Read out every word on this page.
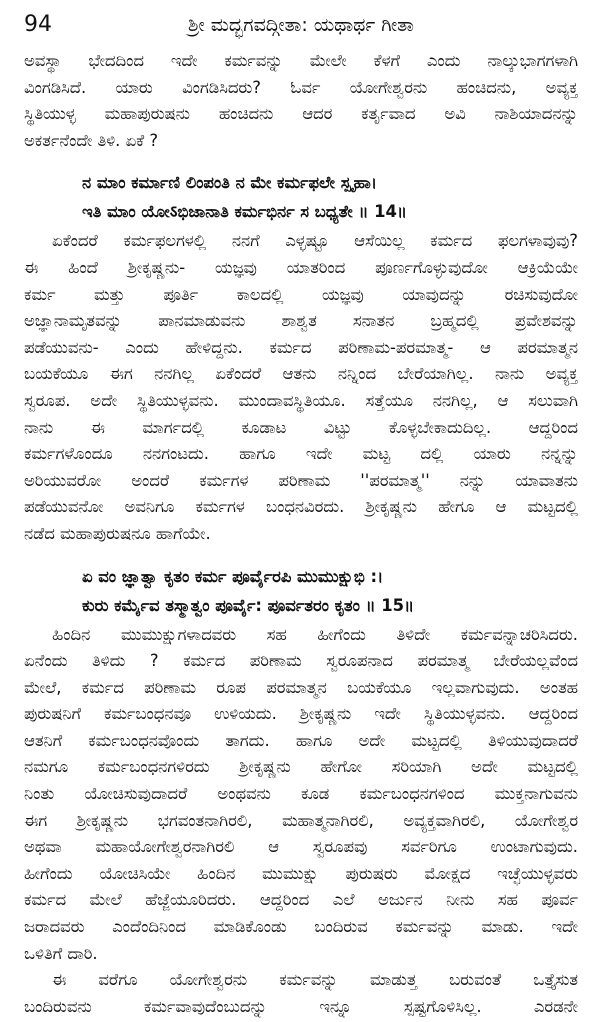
94	ಶ್ರೀ ಮದ್ಭಗವದ್ಗೀತಾ: ಯಥಾರ್ಥ ಗೀತಾ

ಅವಸ್ಥಾ ಭೇದದಿಂದ ಇದೇ ಕರ್ಮವನ್ನು ಮೇಲೇ ಕೆಳಗೆ ಎಂದು ನಾಲ್ಕುಭಾಗಗಳಾಗಿ
ವಿಂಗಡಿಸಿದೆ. ಯಾರು ವಿಂಗಡಿಸಿದರು? ಓರ್ವ ಯೋಗೇಶ್ವರನು ಹಂಚಿದನು, ಅವ್ಯಕ್ತ
ಸ್ಥಿತಿಯುಳ್ಳ ಮಹಾಪುರುಷನು ಹಂಚಿದನು ಆದರ ಕರ್ತೃವಾದ ಅವಿ ನಾಶಿಯಾದನನ್ನು
ಅಕರ್ತನೆಂದೇ ತಿಳಿ. ಏಕೆ ?

ನ ಮಾಂ ಕರ್ಮಾಣಿ ಲಿಂಪಂತಿ ನ ಮೇ ಕರ್ಮಫಲೇ ಸ್ಪೃಹಾ।
ಇತಿ ಮಾಂ ಯೋऽಭಿಜಾನಾತಿ ಕರ್ಮಭಿರ್ನ ಸ ಬಧ್ಯತೇ ॥ 14॥

ಏಕೆಂದರೆ ಕರ್ಮಫಲಗಳಲ್ಲಿ ನನಗೆ ಎಳ್ಳಷ್ಟೂ ಆಸೆಯಿಲ್ಲ ಕರ್ಮದ ಫಲಗಳಾವುವು?
ಈ ಹಿಂದೆ ಶ್ರೀಕೃಷ್ಣನು- ಯಜ್ಞವು ಯಾತರಿಂದ ಪೂರ್ಣಗೊಳ್ಳುವುದೋ ಆಕ್ರಿಯೆಯೇ
ಕರ್ಮ ಮತ್ತು ಪೂರ್ತಿ ಕಾಲದಲ್ಲಿ ಯಜ್ಞವು ಯಾವುದನ್ನು ರಚಿಸುವುದೋ
ಅಜ್ಞಾನಾಮೃತವನ್ನು ಪಾನಮಾಡುವನು ಶಾಶ್ವತ ಸನಾತನ ಬ್ರಹ್ಮದಲ್ಲಿ ಪ್ರವೇಶವನ್ನು
ಪಡೆಯುವನು- ಎಂದು ಹೇಳಿದ್ದನು. ಕರ್ಮದ ಪರಿಣಾಮ-ಪರಮಾತ್ಮ- ಆ ಪರಮಾತ್ಮನ
ಬಯಕೆಯೂ ಈಗ ನನಗಿಲ್ಲ ಏಕೆಂದರೆ ಆತನು ನನ್ನಿಂದ ಬೇರೆಯಾಗಿಲ್ಲ. ನಾನು ಅವ್ಯಕ್ತ
ಸ್ವರೂಪ. ಅದೇ ಸ್ಥಿತಿಯುಳ್ಳವನು. ಮುಂದಾವಸ್ಥಿತಿಯೂ. ಸತ್ತೆಯೂ ನನಗಿಲ್ಲ, ಆ ಸಲುವಾಗಿ
ನಾನು ಈ ಮಾರ್ಗದಲ್ಲಿ ಕೂಡಾಟ ವಿಟ್ಟು ಕೊಳ್ಳಬೇಕಾದುದಿಲ್ಲ. ಆದ್ದರಿಂದ
ಕರ್ಮಗಳೊಂದೂ ನನಗಂಟದು. ಹಾಗೂ ಇದೇ ಮಟ್ಟ ದಲ್ಲಿ ಯಾರು ನನ್ನನ್ನು
ಅರಿಯುವರೋ ಅಂದರೆ ಕರ್ಮಗಳ ಪರಿಣಾಮ ''ಪರಮಾತ್ಮ'' ನನ್ನು ಯಾವಾತನು
ಪಡೆಯುವನೋ ಅವನಿಗೂ ಕರ್ಮಗಳ ಬಂಧನವಿರದು. ಶ್ರೀಕೃಷ್ಣನು ಹೇಗೂ ಆ ಮಟ್ಟದಲ್ಲಿ
ನಡೆದ ಮಹಾಪುರುಷನೂ ಹಾಗೆಯೇ.

ಏ ವಂ ಜ್ಞಾತ್ವಾ ಕೃತಂ ಕರ್ಮ ಪೂರ್ವೈರಪಿ ಮುಮುಕ್ಷುಭಿ :।
ಕುರು ಕರ್ಮೈವ ತಸ್ಮಾತ್ವಂ ಪೂರ್ವೈ: ಪೂರ್ವತರಂ ಕೃತಂ ॥ 15॥

ಹಿಂದಿನ ಮುಮುಕ್ಷುಗಳಾದವರು ಸಹ ಹೀಗೆಂದು ತಿಳಿದೇ ಕರ್ಮವನ್ನಾಚರಿಸಿದರು.
ಏನೆಂದು ತಿಳಿದು ? ಕರ್ಮದ ಪರಿಣಾಮ ಸ್ವರೂಪನಾದ ಪರಮಾತ್ಮ ಬೇರೆಯಲ್ಲವೆಂದ
ಮೇಲೆ, ಕರ್ಮದ ಪರಿಣಾಮ ರೂಪ ಪರಮಾತ್ಮನ ಬಯಕೆಯೂ ಇಲ್ಲವಾಗುವುದು. ಅಂತಹ
ಪುರುಷನಿಗೆ ಕರ್ಮಬಂಧನವೂ ಉಳಿಯದು. ಶ್ರೀಕೃಷ್ಣನು ಇದೇ ಸ್ಥಿತಿಯುಳ್ಳವನು. ಆದ್ದರಿಂದ
ಆತನಿಗೆ ಕರ್ಮಬಂಧನವೊಂದು ತಾಗದು. ಹಾಗೂ ಅದೇ ಮಟ್ಟದಲ್ಲಿ ತಿಳಿಯುವುದಾದರೆ
ನಮಗೂ ಕರ್ಮಬಂಧನಗಳಿರದು ಶ್ರೀಕೃಷ್ಣನು ಹೇಗೋ ಸರಿಯಾಗಿ ಅದೇ ಮಟ್ಟದಲ್ಲಿ
ನಿಂತು ಯೋಚಿಸುವುದಾದರೆ ಅಂಥವನು ಕೂಡ ಕರ್ಮಬಂಧನಗಳಿಂದ ಮುಕ್ತನಾಗುವನು
ಈಗ ಶ್ರೀಕೃಷ್ಣನು ಭಗವಂತನಾಗಿರಲಿ, ಮಹಾತ್ಮನಾಗಿರಲಿ, ಅವ್ಯಕ್ತವಾಗಿರಲಿ, ಯೋಗೇಶ್ವರ
ಅಥವಾ ಮಹಾಯೋಗೇಶ್ವರನಾಗಿರಲಿ ಆ ಸ್ವರೂಪವು ಸರ್ವರಿಗೂ ಉಂಟಾಗುವುದು.
ಹೀಗೆಂದು ಯೋಚಿಸಿಯೇ ಹಿಂದಿನ ಮುಮುಕ್ಷು ಪುರುಷರು ಮೋಕ್ಷದ ಇಚ್ಛೆಯುಳ್ಳವರು
ಕರ್ಮದ ಮೇಲೆ ಹೆಜ್ಜೆಯೂರಿದರು. ಆದ್ದರಿಂದ ಎಲೆ ಅರ್ಜುನ ನೀನು ಸಹ ಪೂರ್ವ
ಜರಾದವರು ಎಂದೆಂದಿನಿಂದ ಮಾಡಿಕೊಂಡು ಬಂದಿರುವ ಕರ್ಮವನ್ನು ಮಾಡು. ಇದೇ
ಒಳಿತಿಗೆ ದಾರಿ.

ಈ ವರೆಗೂ ಯೋಗೇಶ್ವರನು ಕರ್ಮವನ್ನು ಮಾಡುತ್ತ ಬರುವಂತೆ ಒತ್ತೈಸುತ
ಬಂದಿರುವನು ಕರ್ಮವಾವುದೆಂಬುದನ್ನು ಇನ್ನೂ ಸ್ಪಷ್ಟಗೊಳಿಸಿಲ್ಲ. ಎರಡನೇ
